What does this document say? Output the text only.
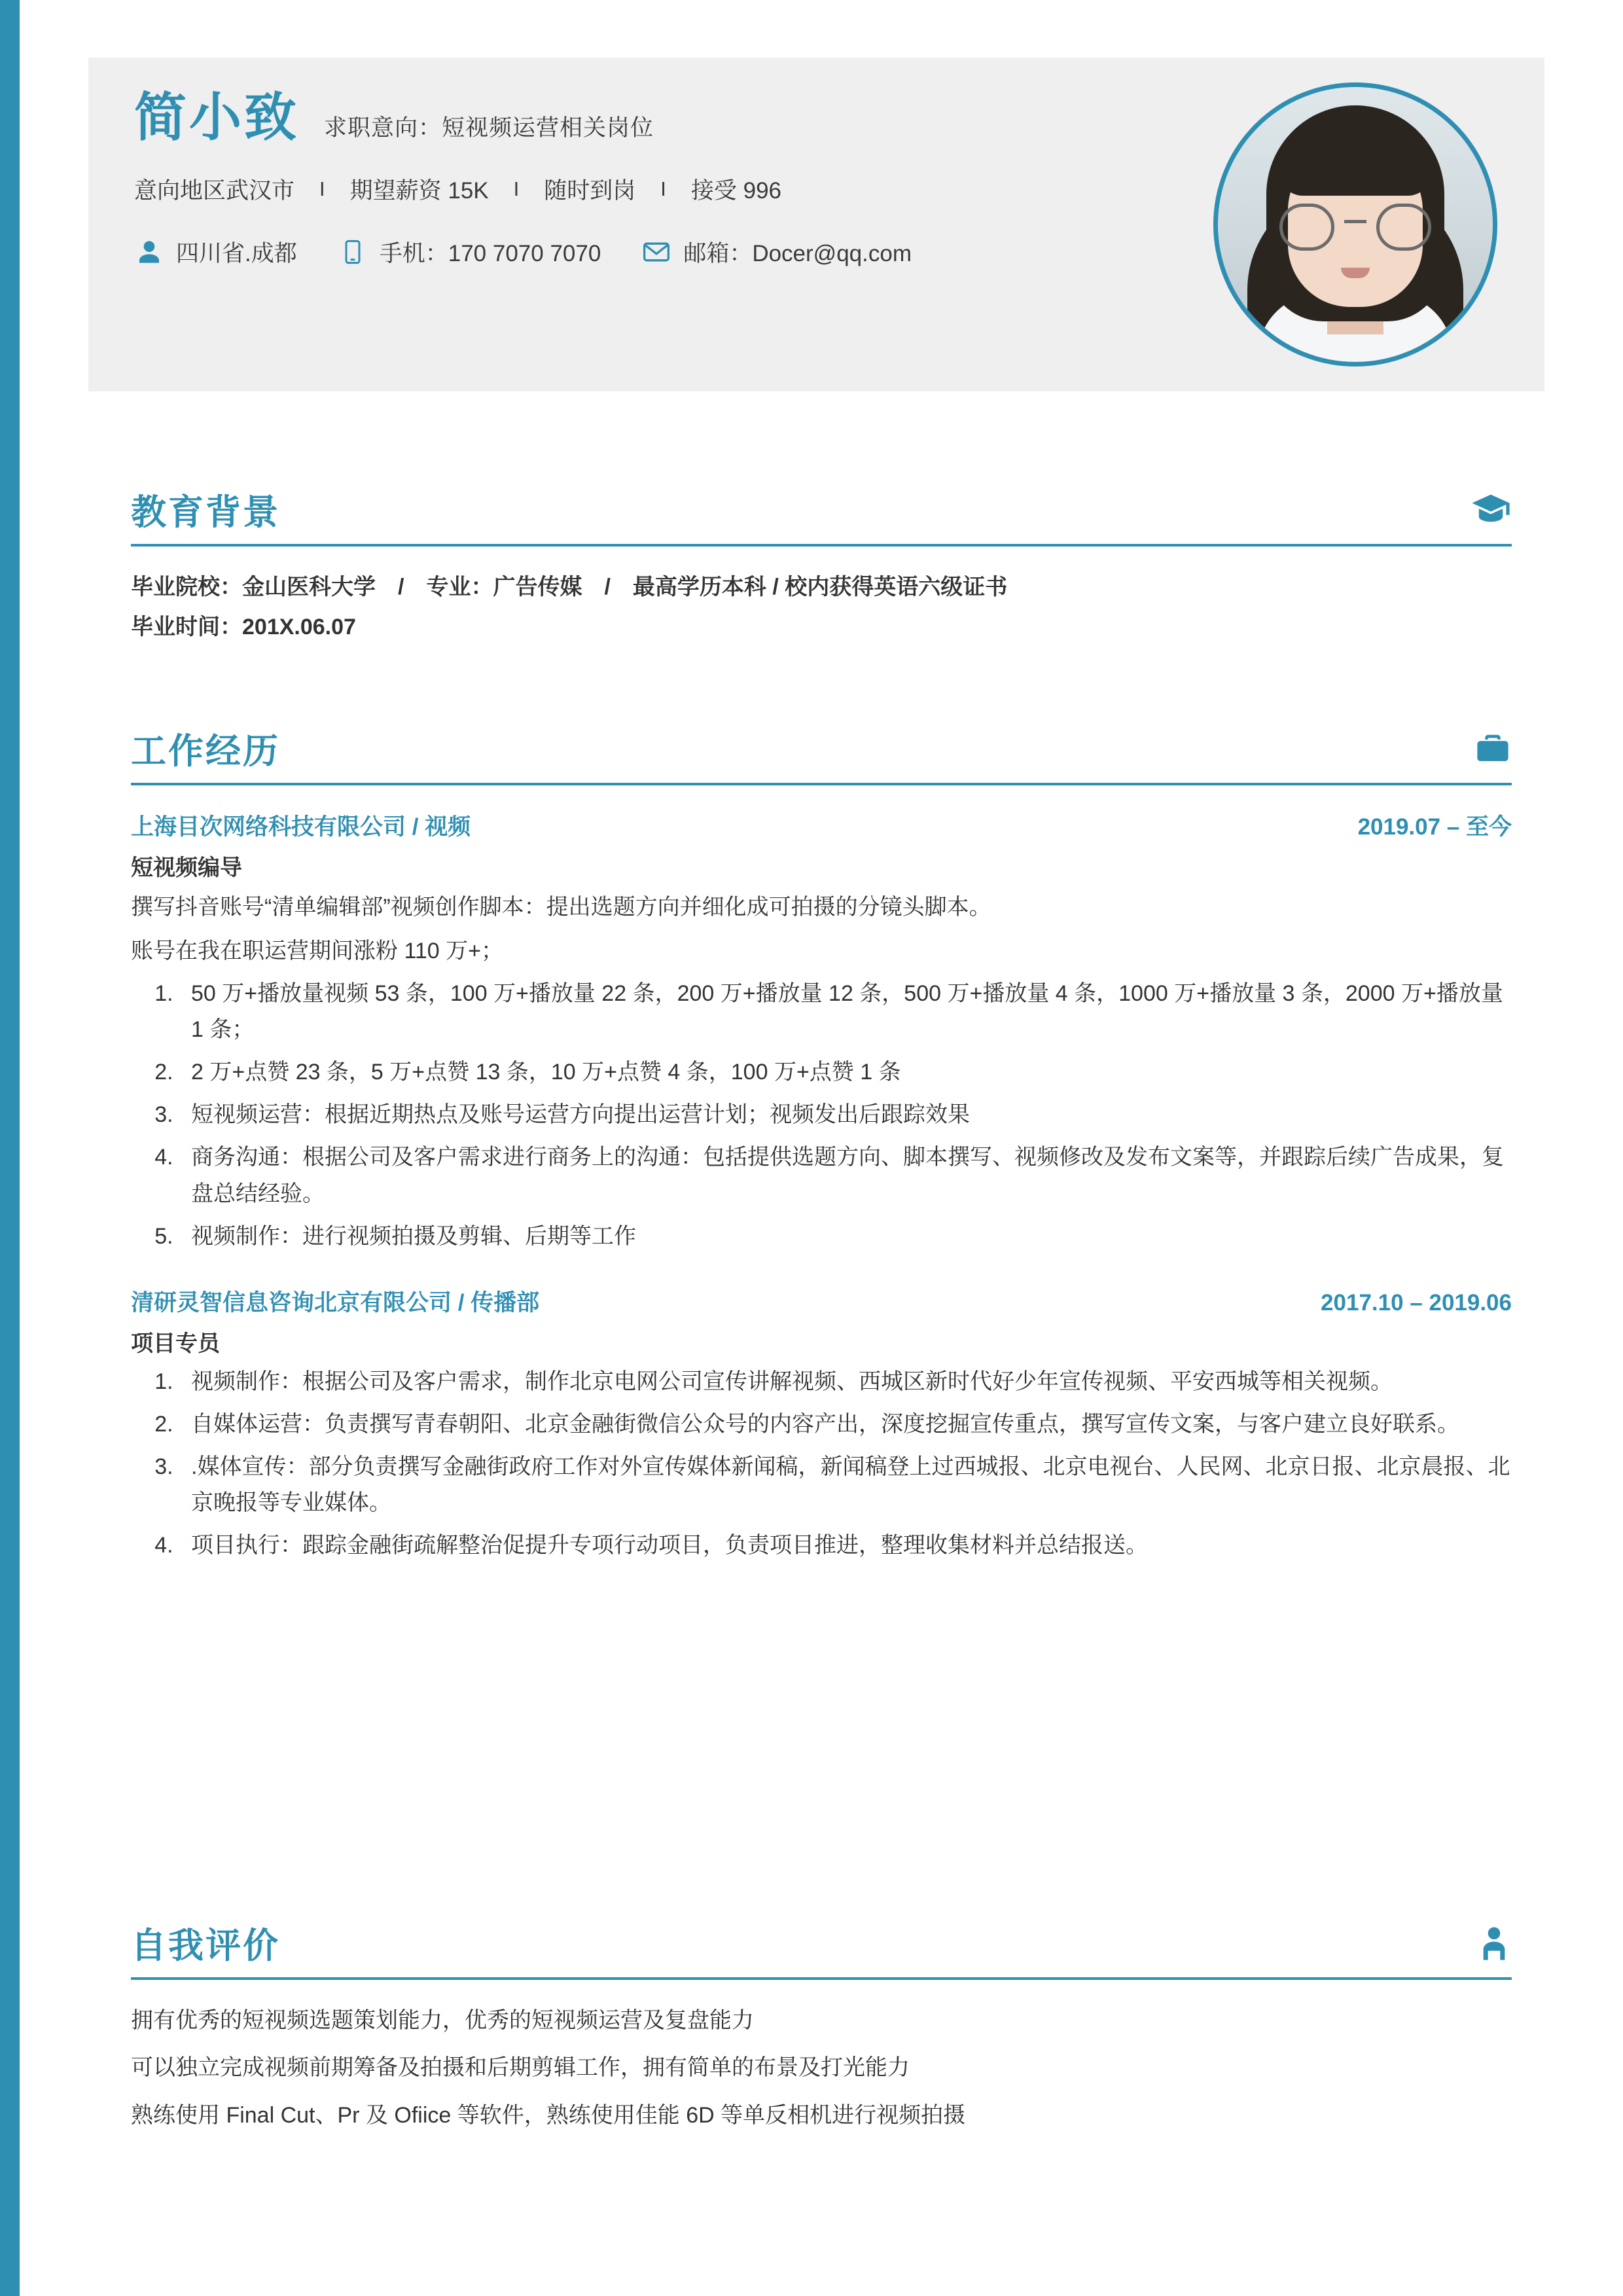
简小致 求职意向：短视频运营相关岗位
意向地区武汉市	I	期望薪资 15K	I	随时到岗	I	接受 996
四川省.成都	手机：170 7070 7070	邮箱：Docer@qq.com
教育背景
毕业院校：金山医科大学　/　专业：广告传媒　/　最高学历本科 / 校内获得英语六级证书
毕业时间：201X.06.07
工作经历
上海目次网络科技有限公司 / 视频	2019.07 – 至今
短视频编导
撰写抖音账号“清单编辑部”视频创作脚本：提出选题方向并细化成可拍摄的分镜头脚本。
账号在我在职运营期间涨粉 110 万+；
1. 50 万+播放量视频 53 条，100 万+播放量 22 条，200 万+播放量 12 条，500 万+播放量 4 条，1000 万+播放量 3 条，2000 万+播放量 1 条；
2. 2 万+点赞 23 条，5 万+点赞 13 条，10 万+点赞 4 条，100 万+点赞 1 条
3. 短视频运营：根据近期热点及账号运营方向提出运营计划；视频发出后跟踪效果
4. 商务沟通：根据公司及客户需求进行商务上的沟通：包括提供选题方向、脚本撰写、视频修改及发布文案等，并跟踪后续广告成果，复盘总结经验。
5. 视频制作：进行视频拍摄及剪辑、后期等工作
清研灵智信息咨询北京有限公司 / 传播部	2017.10 – 2019.06
项目专员
1. 视频制作：根据公司及客户需求，制作北京电网公司宣传讲解视频、西城区新时代好少年宣传视频、平安西城等相关视频。
2. 自媒体运营：负责撰写青春朝阳、北京金融街微信公众号的内容产出，深度挖掘宣传重点，撰写宣传文案，与客户建立良好联系。
3. .媒体宣传：部分负责撰写金融街政府工作对外宣传媒体新闻稿，新闻稿登上过西城报、北京电视台、人民网、北京日报、北京晨报、北京晚报等专业媒体。
4. 项目执行：跟踪金融街疏解整治促提升专项行动项目，负责项目推进，整理收集材料并总结报送。
自我评价
拥有优秀的短视频选题策划能力，优秀的短视频运营及复盘能力
可以独立完成视频前期筹备及拍摄和后期剪辑工作，拥有简单的布景及打光能力
熟练使用 Final Cut、Pr 及 Ofiice 等软件，熟练使用佳能 6D 等单反相机进行视频拍摄
